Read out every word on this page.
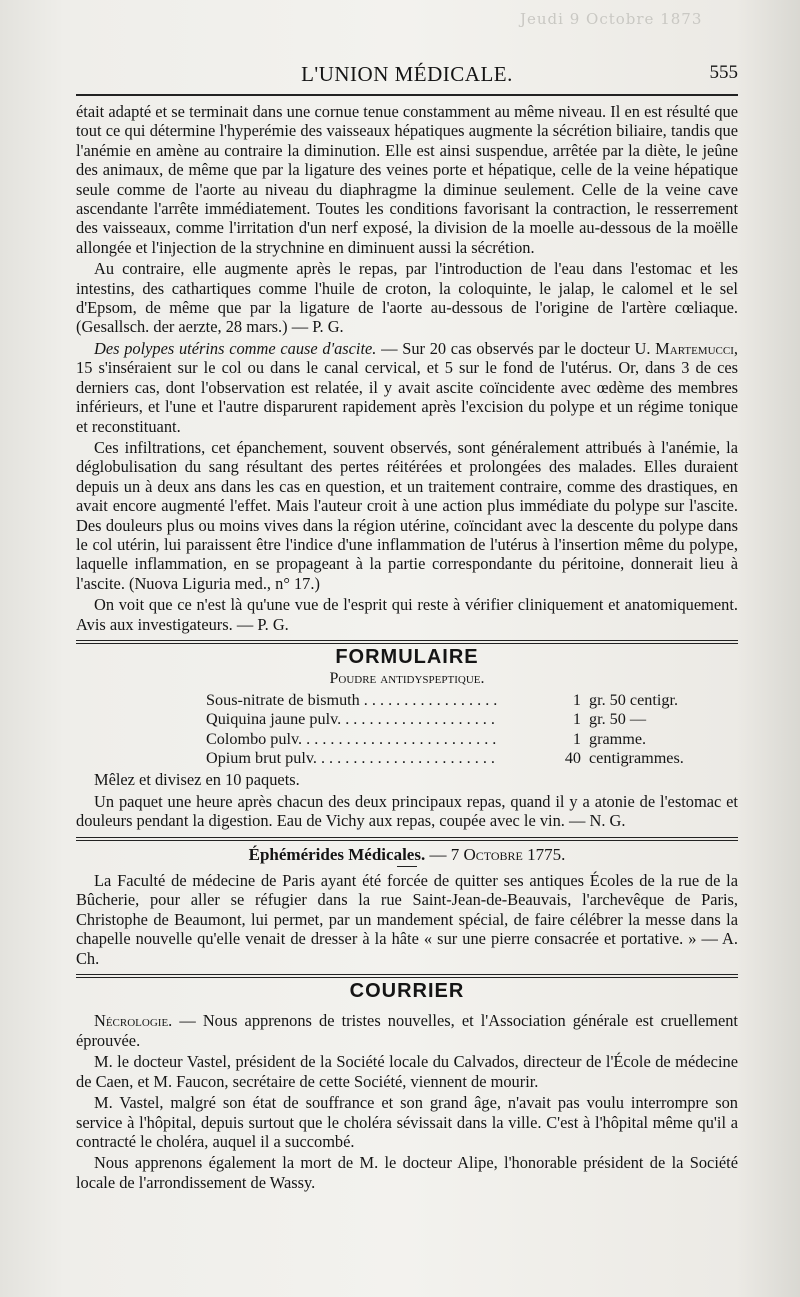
Jeudi 9 Octobre 1873
L'UNION MÉDICALE.	555

était adapté et se terminait dans une cornue tenue constamment au même niveau. Il en est résulté que tout ce qui détermine l'hyperémie des vaisseaux hépatiques augmente la sécrétion biliaire, tandis que l'anémie en amène au contraire la diminution. Elle est ainsi suspendue, arrêtée par la diète, le jeûne des animaux, de même que par la ligature des veines porte et hépatique, celle de la veine hépatique seule comme de l'aorte au niveau du diaphragme la diminue seulement. Celle de la veine cave ascendante l'arrête immédiatement. Toutes les conditions favorisant la contraction, le resserrement des vaisseaux, comme l'irritation d'un nerf exposé, la division de la moelle au-dessous de la moëlle allongée et l'injection de la strychnine en diminuent aussi la sécrétion.

Au contraire, elle augmente après le repas, par l'introduction de l'eau dans l'estomac et les intestins, des cathartiques comme l'huile de croton, la coloquinte, le jalap, le calomel et le sel d'Epsom, de même que par la ligature de l'aorte au-dessous de l'origine de l'artère cœliaque. (Gesallsch. der aerzte, 28 mars.) — P. G.

Des polypes utérins comme cause d'ascite. — Sur 20 cas observés par le docteur U. Martemucci, 15 s'inséraient sur le col ou dans le canal cervical, et 5 sur le fond de l'utérus. Or, dans 3 de ces derniers cas, dont l'observation est relatée, il y avait ascite coïncidente avec œdème des membres inférieurs, et l'une et l'autre disparurent rapidement après l'excision du polype et un régime tonique et reconstituant.

Ces infiltrations, cet épanchement, souvent observés, sont généralement attribués à l'anémie, la déglobulisation du sang résultant des pertes réitérées et prolongées des malades. Elles duraient depuis un à deux ans dans les cas en question, et un traitement contraire, comme des drastiques, en avait encore augmenté l'effet. Mais l'auteur croit à une action plus immédiate du polype sur l'ascite. Des douleurs plus ou moins vives dans la région utérine, coïncidant avec la descente du polype dans le col utérin, lui paraissent être l'indice d'une inflammation de l'utérus à l'insertion même du polype, laquelle inflammation, en se propageant à la partie correspondante du péritoine, donnerait lieu à l'ascite. (Nuova Liguria med., n° 17.)

On voit que ce n'est là qu'une vue de l'esprit qui reste à vérifier cliniquement et anatomiquement. Avis aux investigateurs. — P. G.

FORMULAIRE
Poudre antidyspeptique.
Sous-nitrate de bismuth . . . . . . . . . . . . . . . . .	1	gr. 50 centigr.
Quiquina jaune pulv. . . . . . . . . . . . . . . . . . . .	1	gr. 50 —
Colombo pulv. . . . . . . . . . . . . . . . . . . . . . . . .	1	gramme.
Opium brut pulv. . . . . . . . . . . . . . . . . . . . . . .	40	centigrammes.

Mêlez et divisez en 10 paquets.

Un paquet une heure après chacun des deux principaux repas, quand il y a atonie de l'estomac et douleurs pendant la digestion. Eau de Vichy aux repas, coupée avec le vin. — N. G.

Éphémérides Médicales. — 7 Octobre 1775.

La Faculté de médecine de Paris ayant été forcée de quitter ses antiques Écoles de la rue de la Bûcherie, pour aller se réfugier dans la rue Saint-Jean-de-Beauvais, l'archevêque de Paris, Christophe de Beaumont, lui permet, par un mandement spécial, de faire célébrer la messe dans la chapelle nouvelle qu'elle venait de dresser à la hâte « sur une pierre consacrée et portative. » — A. Ch.

COURRIER

Nécrologie. — Nous apprenons de tristes nouvelles, et l'Association générale est cruellement éprouvée.

M. le docteur Vastel, président de la Société locale du Calvados, directeur de l'École de médecine de Caen, et M. Faucon, secrétaire de cette Société, viennent de mourir.

M. Vastel, malgré son état de souffrance et son grand âge, n'avait pas voulu interrompre son service à l'hôpital, depuis surtout que le choléra sévissait dans la ville. C'est à l'hôpital même qu'il a contracté le choléra, auquel il a succombé.

Nous apprenons également la mort de M. le docteur Alipe, l'honorable président de la Société locale de l'arrondissement de Wassy.
